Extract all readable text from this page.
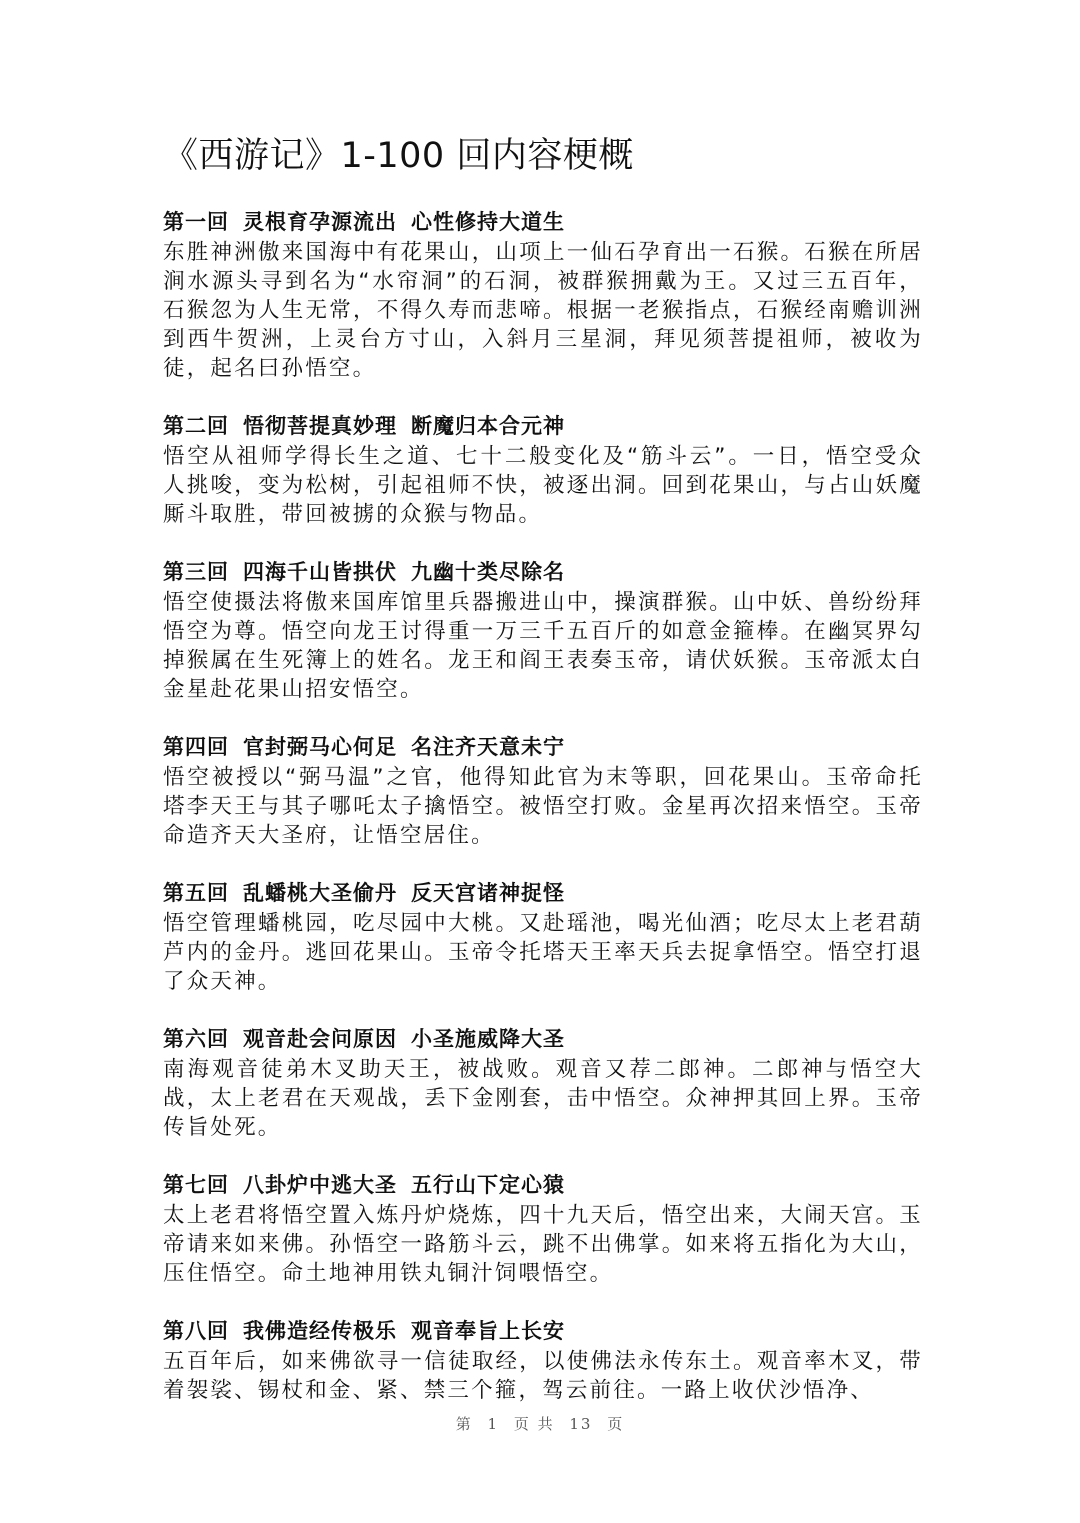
《西游记》1-100 回内容梗概
第一回 灵根育孕源流出 心性修持大道生

东胜神洲傲来国海中有花果山，山项上一仙石孕育出一石猴。石猴在所居涧水源头寻到名为“水帘洞”的石洞，被群猴拥戴为王。又过三五百年，石猴忽为人生无常，不得久寿而悲啼。根据一老猴指点，石猴经南赡训洲到西牛贺洲，上灵台方寸山，入斜月三星洞，拜见须菩提祖师，被收为徒，起名曰孙悟空。

第二回 悟彻菩提真妙理 断魔归本合元神

悟空从祖师学得长生之道、七十二般变化及“筋斗云”。一日，悟空受众人挑唆，变为松树，引起祖师不快，被逐出洞。回到花果山，与占山妖魔厮斗取胜，带回被掳的众猴与物品。

第三回 四海千山皆拱伏 九幽十类尽除名

悟空使摄法将傲来国库馆里兵器搬进山中，操演群猴。山中妖、兽纷纷拜悟空为尊。悟空向龙王讨得重一万三千五百斤的如意金箍棒。在幽冥界勾掉猴属在生死簿上的姓名。龙王和阎王表奏玉帝，请伏妖猴。玉帝派太白金星赴花果山招安悟空。

第四回 官封弼马心何足 名注齐天意未宁

悟空被授以“弼马温”之官，他得知此官为末等职，回花果山。玉帝命托塔李天王与其子哪吒太子擒悟空。被悟空打败。金星再次招来悟空。玉帝命造齐天大圣府，让悟空居住。

第五回 乱蟠桃大圣偷丹 反天宫诸神捉怪

悟空管理蟠桃园，吃尽园中大桃。又赴瑶池，喝光仙酒；吃尽太上老君葫芦内的金丹。逃回花果山。玉帝令托塔天王率天兵去捉拿悟空。悟空打退了众天神。

第六回 观音赴会问原因 小圣施威降大圣

南海观音徒弟木叉助天王，被战败。观音又荐二郎神。二郎神与悟空大战，太上老君在天观战，丢下金刚套，击中悟空。众神押其回上界。玉帝传旨处死。

第七回 八卦炉中逃大圣 五行山下定心猿

太上老君将悟空置入炼丹炉烧炼，四十九天后，悟空出来，大闹天宫。玉帝请来如来佛。孙悟空一路筋斗云，跳不出佛掌。如来将五指化为大山，压住悟空。命土地神用铁丸铜汁饲喂悟空。

第八回 我佛造经传极乐 观音奉旨上长安

五百年后，如来佛欲寻一信徒取经，以使佛法永传东土。观音率木叉，带着袈裟、锡杖和金、紧、禁三个箍，驾云前往。一路上收伏沙悟净、

第 1 页 共 13 页
